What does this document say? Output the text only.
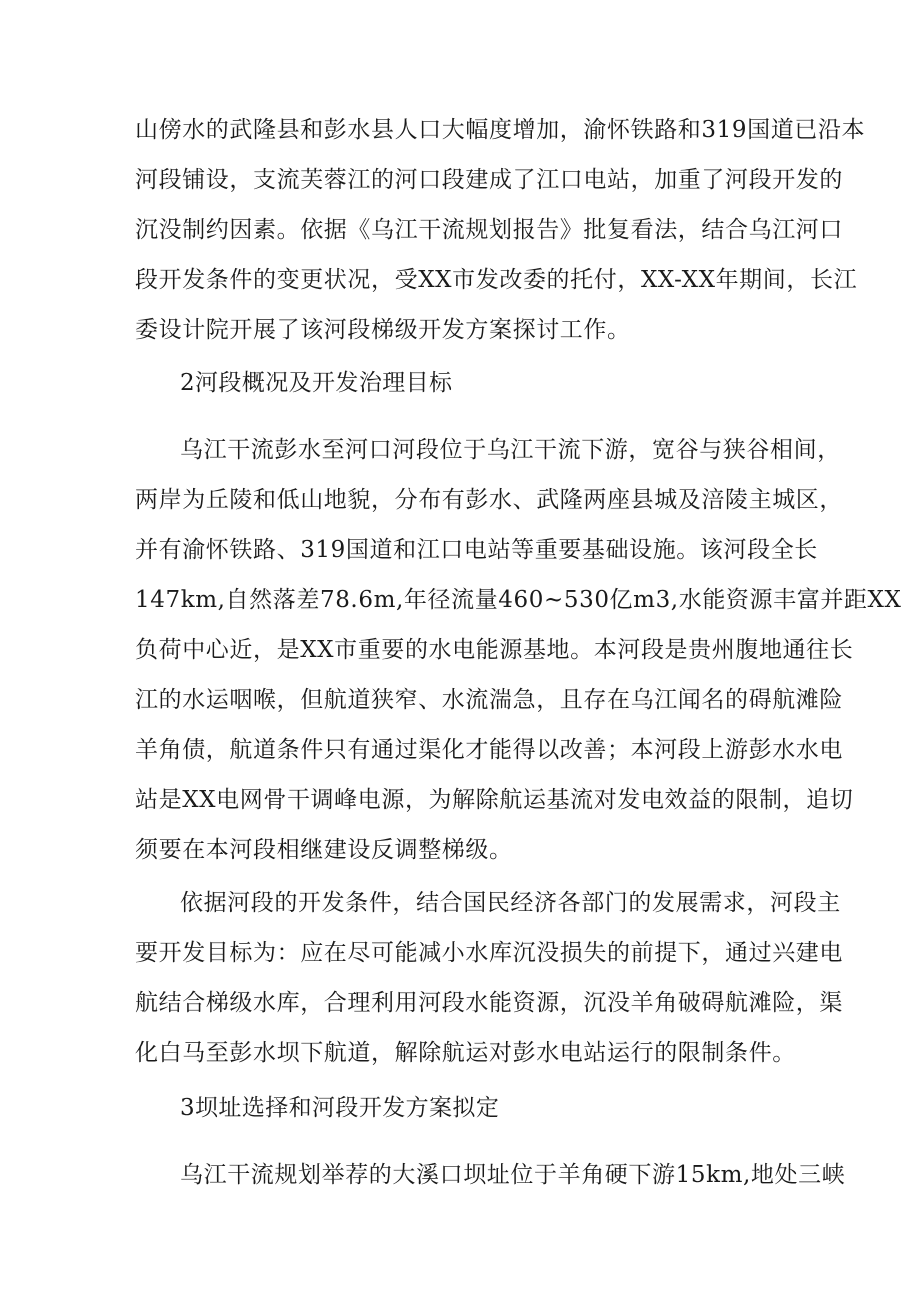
山傍水的武隆县和彭水县人口大幅度增加，渝怀铁路和319国道已沿本
河段铺设，支流芙蓉江的河口段建成了江口电站，加重了河段开发的
沉没制约因素。依据《乌江干流规划报告》批复看法，结合乌江河口
段开发条件的变更状况，受XX市发改委的托付，XX-XX年期间，长江
委设计院开展了该河段梯级开发方案探讨工作。
2河段概况及开发治理目标
乌江干流彭水至河口河段位于乌江干流下游，宽谷与狭谷相间，
两岸为丘陵和低山地貌，分布有彭水、武隆两座县城及涪陵主城区，
并有渝怀铁路、319国道和江口电站等重要基础设施。该河段全长
147km,自然落差78.6m,年径流量460~530亿m3,水能资源丰富并距XX
负荷中心近，是XX市重要的水电能源基地。本河段是贵州腹地通往长
江的水运咽喉，但航道狭窄、水流湍急，且存在乌江闻名的碍航滩险
羊角债，航道条件只有通过渠化才能得以改善；本河段上游彭水水电
站是XX电网骨干调峰电源，为解除航运基流对发电效益的限制，追切
须要在本河段相继建设反调整梯级。
依据河段的开发条件，结合国民经济各部门的发展需求，河段主
要开发目标为：应在尽可能减小水库沉没损失的前提下，通过兴建电
航结合梯级水库，合理利用河段水能资源，沉没羊角破碍航滩险，渠
化白马至彭水坝下航道，解除航运对彭水电站运行的限制条件。
3坝址选择和河段开发方案拟定
乌江干流规划举荐的大溪口坝址位于羊角硬下游15km,地处三峡
